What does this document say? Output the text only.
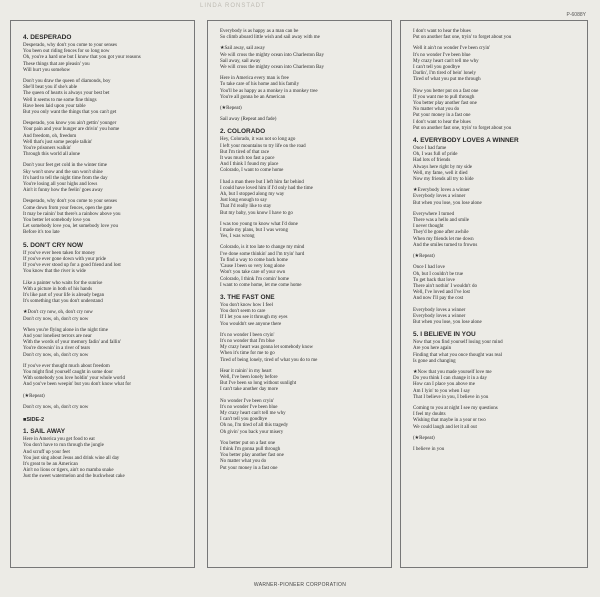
LINDA RONSTADT
P-6088Y
4. DESPERADO
Desperado, why don't you come to your senses
You been out riding fences for so long now
Oh, you're a hard one but I know that you got your reasons
These things that are pleasin' you
Will hurt you somehow
Don't you draw the queen of diamonds, boy
She'll beat you if she's able
The queen of hearts is always your best bet
Well it seems to me some fine things
Have been laid upon your table
But you only want the things that you can't get
Desperado, you know you ain't gettin' younger
Your pain and your hunger are drivin' you home
And freedom, oh, freedom
Well that's just some people talkin'
You're prisoners walkin'
Through this world all alone
Don't your feet get cold in the winter time
Sky won't snow and the sun won't shine
It's hard to tell the night time from the day
You're losing all your highs and lows
Ain't it funny how the feelin' goes away
Desperado, why don't you come to your senses
Come down from your fences, open the gate
It may be rainin' but there's a rainbow above you
You better let somebody love you
Let somebody love you, let somebody love you
Before it's too late
5. DON'T CRY NOW
If you've ever been taken for money
If you've ever gone down with your pride
If you've ever stood up for a good friend and lost
You know that the river is wide
Like a painter who waits for the sunrise
With a picture in both of his hands
It's like part of your life is already began
It's something that you don't understand
★Don't cry now, oh, don't cry now
Don't cry now, oh, don't cry now
When you're flying alone in the night time
And your loneliest terrors are near
With the words of your memory fadin' and fallin'
You're drownin' in a river of tears
Don't cry now, oh, don't cry now
If you've ever thought much about freedom
You might find yourself caught in some door
With somebody you love holdin' your whole world
And you've been weepin' but you don't know what for
(★Repeat)
Don't cry now, oh, don't cry now
■SIDE-2
1. SAIL AWAY
Here in America you get food to eat
You don't have to run through the jungle
And scruff up your feet
You just sing about Jesus and drink wine all day
It's great to be an American
Ain't no lions or tigers, ain't no mamba snake
Just the sweet watermelon and the buckwheat cake
Everybody is as happy as a man can be
So climb aboard little wish and sail away with me
★Sail away, sail away
We will cross the mighty ocean into Charleston Bay
Sail away, sail away
We will cross the mighty ocean into Charleston Bay
Here in America every man is free
To take care of his home and his family
You'll be as happy as a monkey in a monkey tree
You're all gonna be an American
(★Repeat)
Sail away (Repeat and fade)
2. COLORADO
Hey, Colorado, it was not so long ago
I left your mountains to try life on the road
But I'm tired of that race
It was much too fast a pace
And I think I found my place
Colorado, I want to come home
I had a man there but I left him far behind
I could have loved him if I'd only had the time
Ah, but I stopped along my way
Just long enough to say
That I'd really like to stay
But my baby, you know I have to go
I was too young to know what I'd done
I made my plans, but I was wrong
Yes, I was wrong
Colorado, is it too late to change my mind
I've done some thinkin' and I'm tryin' hard
To find a way to come back home
'Cause I been so very long alone
Won't you take care of your own
Colorado, I think I'm comin' home
I want to come home, let me come home
3. THE FAST ONE
You don't know how I feel
You don't seem to care
If I let you see it through my eyes
You wouldn't see anyone there
It's no wonder I been cryin'
It's no wonder that I'm blue
My crazy heart was gonna let somebody know
When it's time for me to go
Tired of being lonely, tired of what you do to me
Hear it rainin' in my heart
Well, I've been lonely before
But I've been so long without sunlight
I can't take another day more
No wonder I've been cryin'
It's no wonder I've been blue
My crazy heart can't tell me why
I can't tell you goodbye
Oh no, I'm tired of all this tragedy
Oh givin' you back your misery
You better put on a fast one
I think I'm gonna pull through
You better play another fast one
No matter what you do
Put your money in a fast one
I don't want to hear the blues
Put on another fast one, tryin' to forget about you
Well it ain't no wonder I've been cryin'
It's no wonder I've been blue
My crazy heart can't tell me why
I can't tell you goodbye
Darlin', I'm tired of bein' lonely
Tired of what you put me through
Now you better put on a fast one
If you want me to pull through
You better play another fast one
No matter what you do
Put your money in a fast one
I don't want to hear the blues
Put on another fast one, tryin' to forget about you
4. EVERYBODY LOVES A WINNER
Once I had fame
Oh, I was full of pride
Had lots of friends
Always here right by my side
Well, my fame, well it died
Now my friends all try to hide
★Everybody loves a winner
Everybody loves a winner
But when you lose, you lose alone
Everywhere I turned
There was a hello and smile
I never thought
They'd be gone after awhile
When my friends let me down
And the smiles turned to frowns
(★Repeat)
Once I had love
Oh, but I couldn't be true
To get back that love
There ain't nothin' I wouldn't do
Well, I've loved and I've lost
And now I'll pay the cost
Everybody loves a winner
Everybody loves a winner
But when you lose, you lose alone
5. I BELIEVE IN YOU
Now that you find yourself losing your mind
Are you here again
Finding that what you once thought was real
Is gone and changing
★Now that you made yourself love me
Do you think I can change it in a day
How can I place you above me
Am I lyin' to you when I say
That I believe in you, I believe in you
Coming to you at night I see my questions
I feel my doubts
Wishing that maybe in a year or two
We could laugh and let it all out
(★Repeat)
I believe in you
WARNER-PIONEER CORPORATION
